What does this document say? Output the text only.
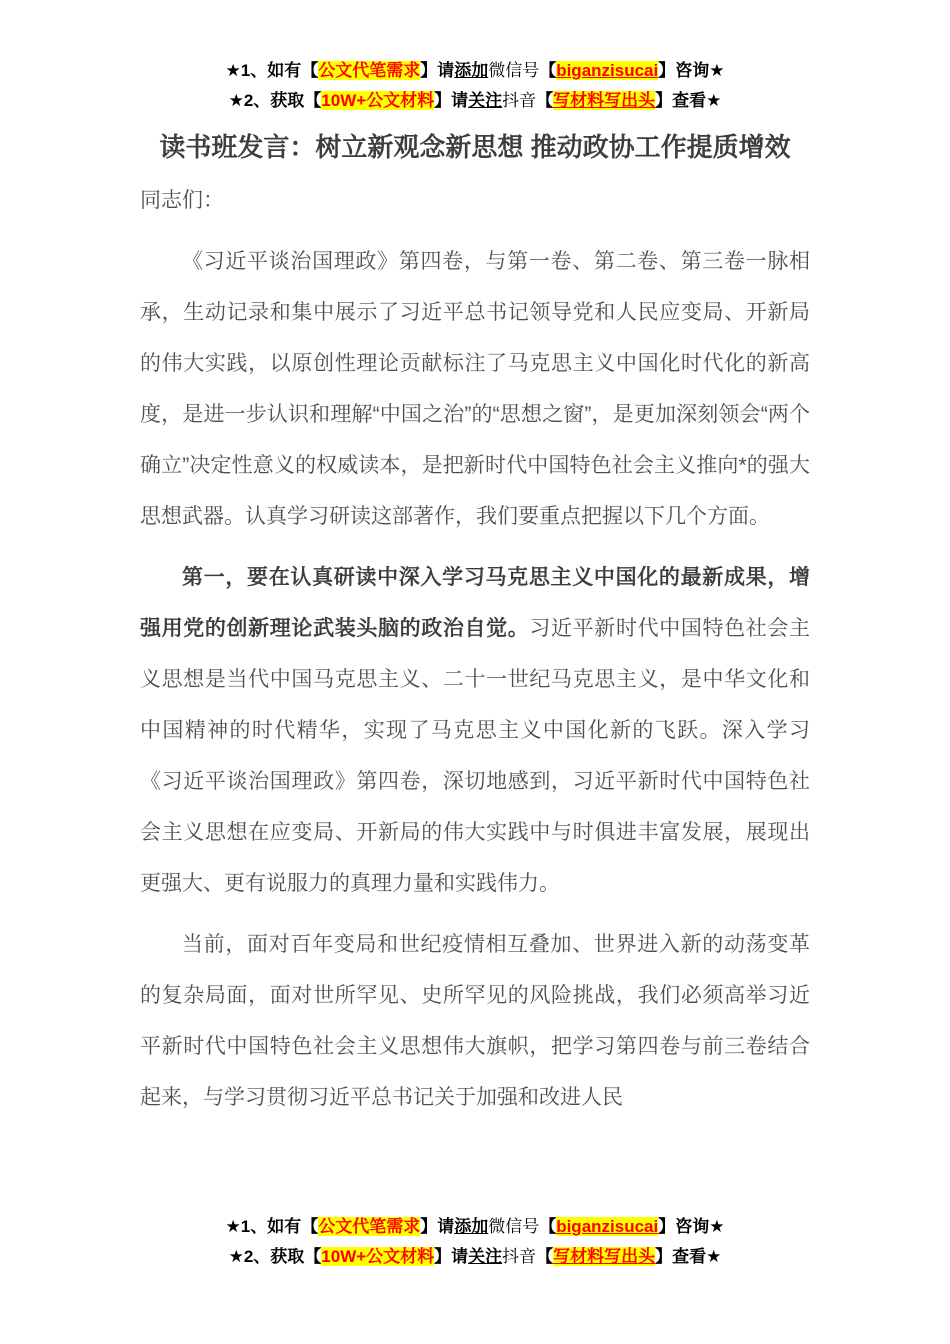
★1、如有【公文代笔需求】请添加微信号【biganzisucai】咨询★
★2、获取【10W+公文材料】请关注抖音【写材料写出头】查看★
读书班发言：树立新观念新思想 推动政协工作提质增效

同志们：

《习近平谈治国理政》第四卷，与第一卷、第二卷、第三卷一脉相承，生动记录和集中展示了习近平总书记领导党和人民应变局、开新局的伟大实践，以原创性理论贡献标注了马克思主义中国化时代化的新高度，是进一步认识和理解“中国之治”的“思想之窗”，是更加深刻领会“两个确立”决定性意义的权威读本，是把新时代中国特色社会主义推向*的强大思想武器。认真学习研读这部著作，我们要重点把握以下几个方面。

第一，要在认真研读中深入学习马克思主义中国化的最新成果，增强用党的创新理论武装头脑的政治自觉。习近平新时代中国特色社会主义思想是当代中国马克思主义、二十一世纪马克思主义，是中华文化和中国精神的时代精华，实现了马克思主义中国化新的飞跃。深入学习《习近平谈治国理政》第四卷，深切地感到，习近平新时代中国特色社会主义思想在应变局、开新局的伟大实践中与时俱进丰富发展，展现出更强大、更有说服力的真理力量和实践伟力。

当前，面对百年变局和世纪疫情相互叠加、世界进入新的动荡变革的复杂局面，面对世所罕见、史所罕见的风险挑战，我们必须高举习近平新时代中国特色社会主义思想伟大旗帜，把学习第四卷与前三卷结合起来，与学习贯彻习近平总书记关于加强和改进人民

★1、如有【公文代笔需求】请添加微信号【biganzisucai】咨询★
★2、获取【10W+公文材料】请关注抖音【写材料写出头】查看★
